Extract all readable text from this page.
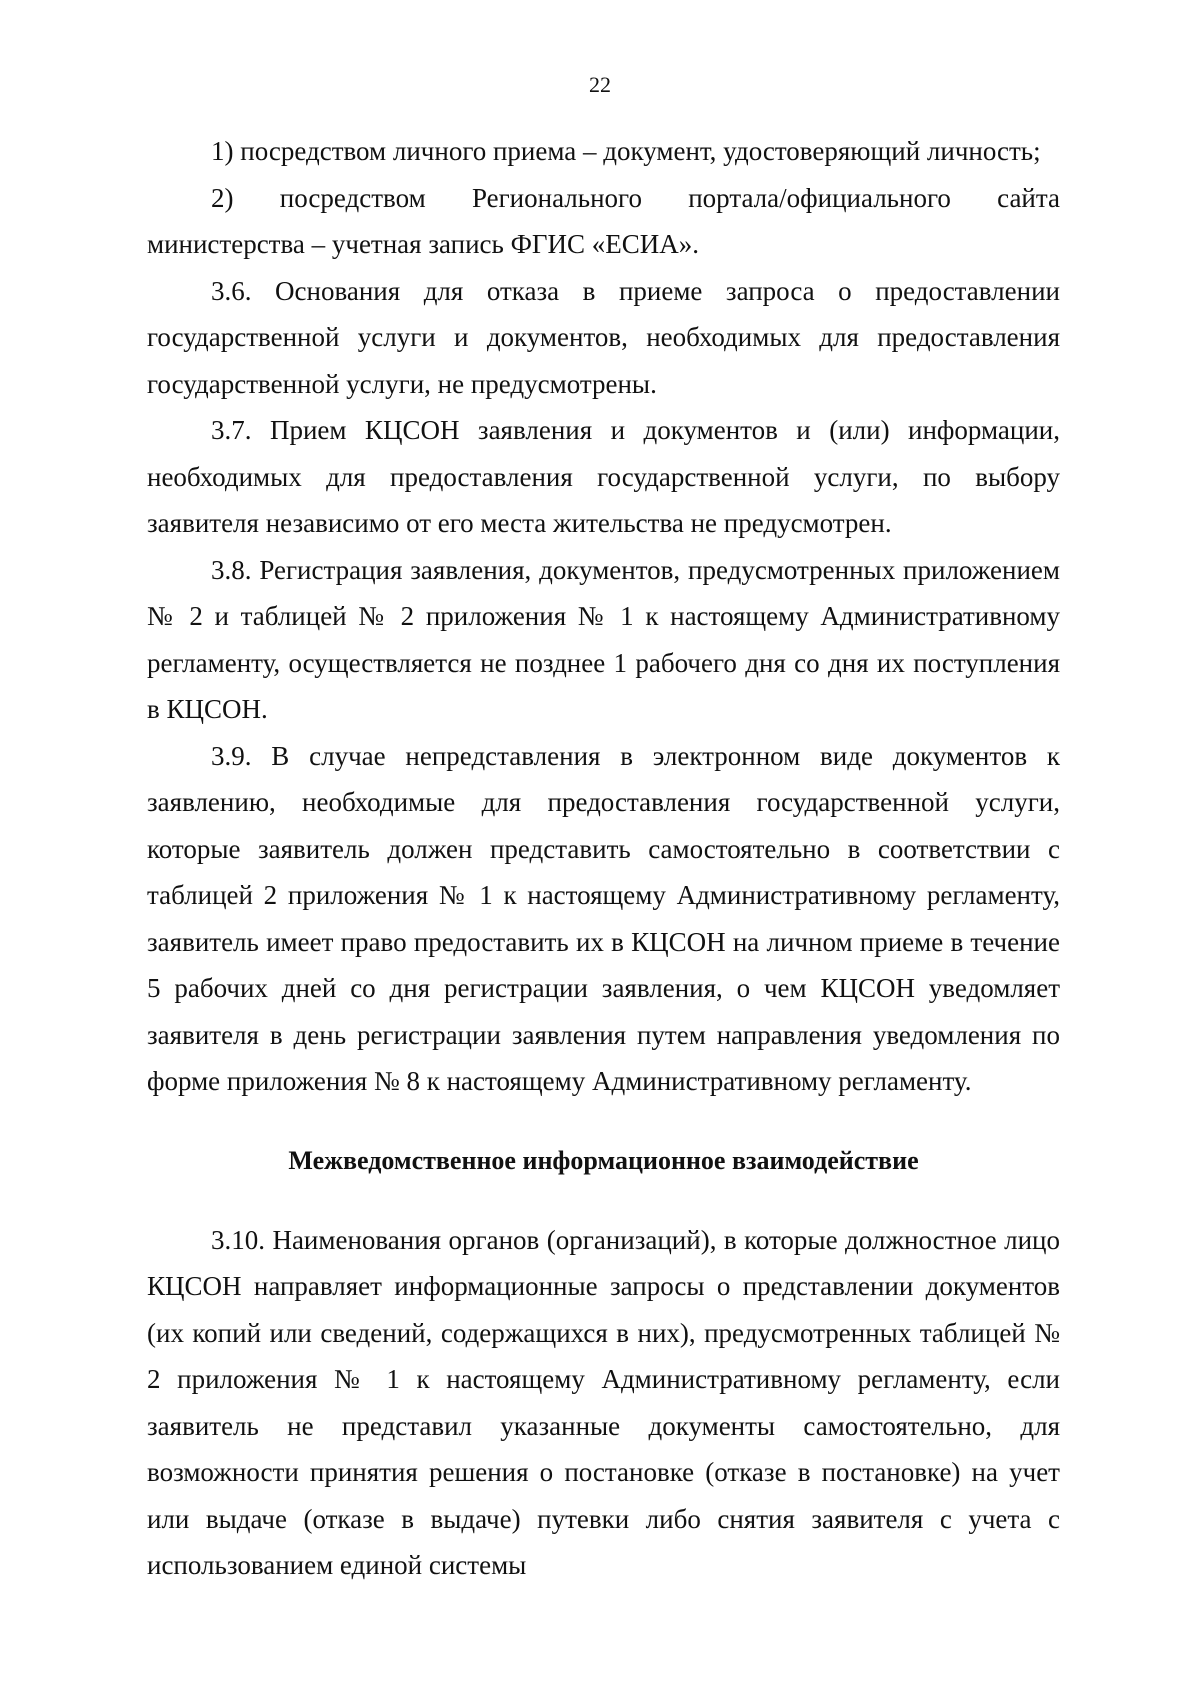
22

1) посредством личного приема – документ, удостоверяющий личность;

2) посредством Регионального портала/официального сайта министерства – учетная запись ФГИС «ЕСИА».

3.6. Основания для отказа в приеме запроса о предоставлении государственной услуги и документов, необходимых для предоставления государственной услуги, не предусмотрены.

3.7. Прием КЦСОН заявления и документов и (или) информации, необходимых для предоставления государственной услуги, по выбору заявителя независимо от его места жительства не предусмотрен.

3.8. Регистрация заявления, документов, предусмотренных приложением № 2 и таблицей № 2 приложения № 1 к настоящему Административному регламенту, осуществляется не позднее 1 рабочего дня со дня их поступления в КЦСОН.

3.9. В случае непредставления в электронном виде документов к заявлению, необходимые для предоставления государственной услуги, которые заявитель должен представить самостоятельно в соответствии с таблицей 2 приложения № 1 к настоящему Административному регламенту, заявитель имеет право предоставить их в КЦСОН на личном приеме в течение 5 рабочих дней со дня регистрации заявления, о чем КЦСОН уведомляет заявителя в день регистрации заявления путем направления уведомления по форме приложения № 8 к настоящему Административному регламенту.

Межведомственное информационное взаимодействие

3.10. Наименования органов (организаций), в которые должностное лицо КЦСОН направляет информационные запросы о представлении документов (их копий или сведений, содержащихся в них), предусмотренных таблицей № 2 приложения № 1 к настоящему Административному регламенту, если заявитель не представил указанные документы самостоятельно, для возможности принятия решения о постановке (отказе в постановке) на учет или выдаче (отказе в выдаче) путевки либо снятия заявителя с учета с использованием единой системы
